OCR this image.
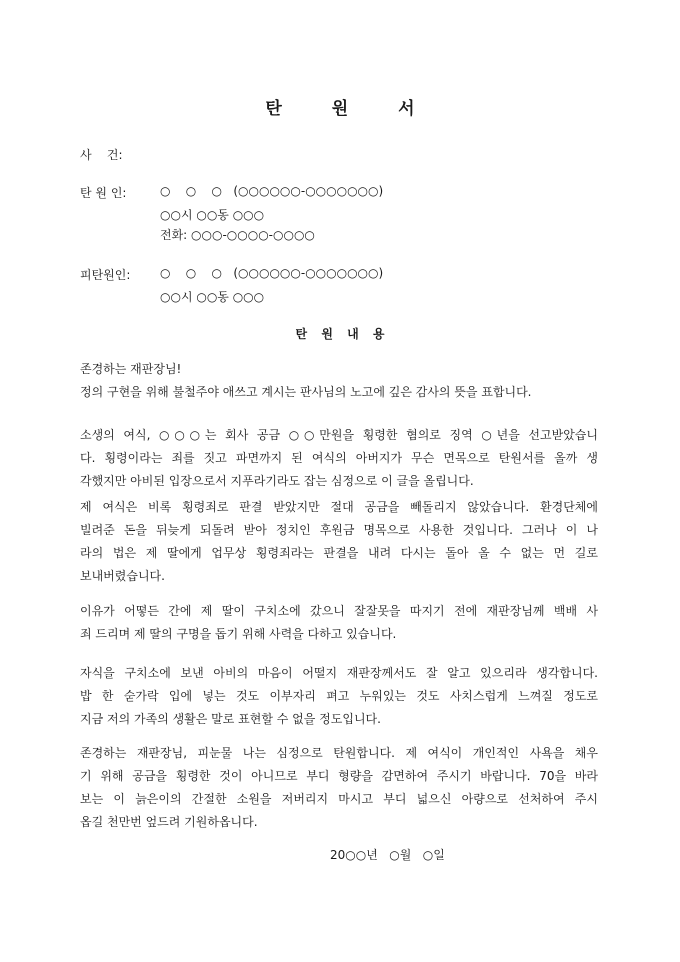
탄	원	서
사    건:
탄 원 인:	○    ○    ○   (○○○○○○-○○○○○○○)
○○시 ○○동 ○○○
전화: ○○○-○○○○-○○○○
피탄원인: ○    ○    ○   (○○○○○○-○○○○○○○)
○○시 ○○동 ○○○
탄 원 내 용
존경하는 재판장님!
정의 구현을 위해 불철주야 애쓰고 계시는 판사님의 노고에 깊은 감사의 뜻을 표합니다.
소생의 여식, ○○○는 회사 공금 ○○만원을 횡령한 혐의로 징역 ○년을 선고받았습니
다. 횡령이라는 죄를 짓고 파면까지 된 여식의 아버지가 무슨 면목으로 탄원서를 올까 생
각했지만 아비된 입장으로서 지푸라기라도 잡는 심정으로 이 글을 올립니다.
제 여식은 비록 횡령죄로 판결 받았지만 절대 공금을 빼돌리지 않았습니다. 환경단체에
빌려준 돈을 뒤늦게 되돌려 받아 정치인 후원금 명목으로 사용한 것입니다. 그러나 이 나
라의 법은 제 딸에게 업무상 횡령죄라는 판결을 내려 다시는 돌아 올 수 없는 먼 길로
보내버렸습니다.
이유가 어떻든 간에 제 딸이 구치소에 갔으니 잘잘못을 따지기 전에 재판장님께 백배 사
죄 드리며 제 딸의 구명을 돕기 위해 사력을 다하고 있습니다.
자식을 구치소에 보낸 아비의 마음이 어떨지 재판장께서도 잘 알고 있으리라 생각합니다.
밥 한 숟가락 입에 넣는 것도 이부자리 펴고 누워있는 것도 사치스럽게 느껴질 정도로
지금 저의 가족의 생활은 말로 표현할 수 없을 정도입니다.
존경하는 재판장님, 피눈물 나는 심정으로 탄원합니다. 제 여식이 개인적인 사욕을 채우
기 위해 공금을 횡령한 것이 아니므로 부디 형량을 감면하여 주시기 바랍니다. 70을 바라
보는 이 늙은이의 간절한 소원을 저버리지 마시고 부디 넓으신 아량으로 선처하여 주시
옵길 천만번 엎드려 기원하옵니다.
20○○년   ○월   ○일
